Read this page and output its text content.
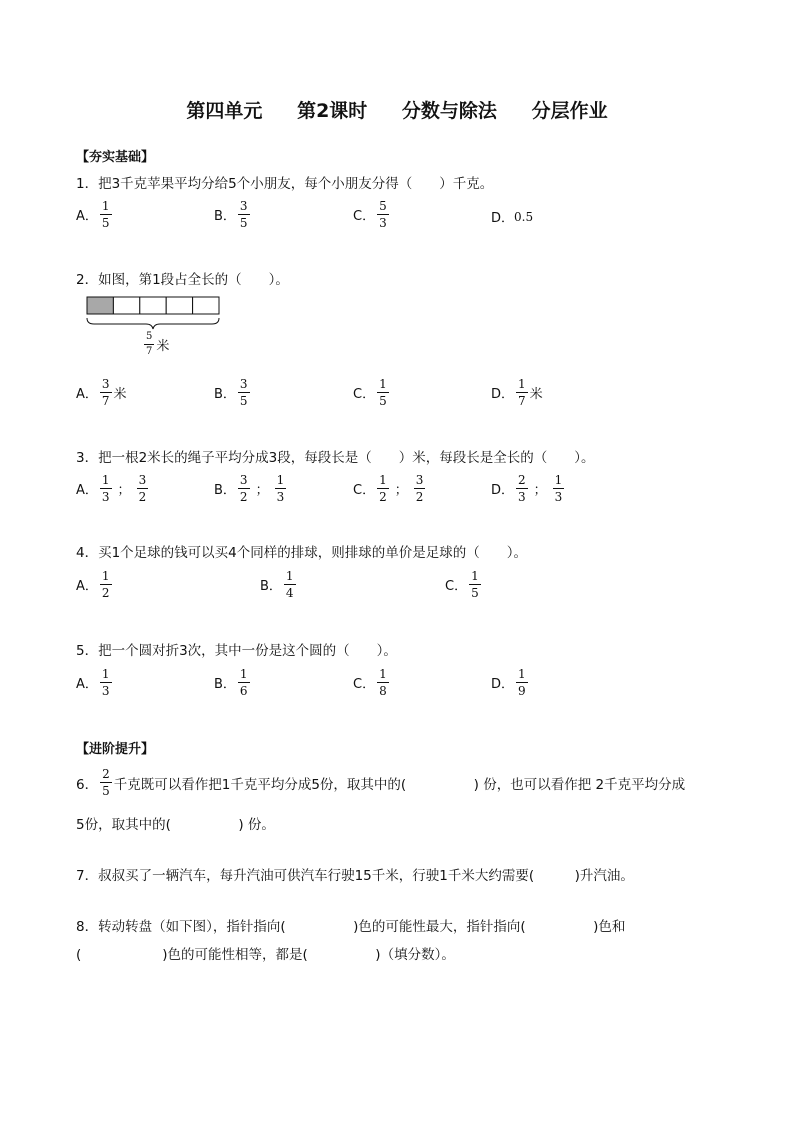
第四单元 第2课时 分数与除法 分层作业
【夯实基础】
1．把3千克苹果平均分给5个小朋友，每个小朋友分得（　　）千克。
A． $\frac{1}{5}$	B． $\frac{3}{5}$	C． $\frac{5}{3}$	D． 0.5
2．如图，第1段占全长的（　　）。
$\frac{5}{7}$ 米
A． $\frac{3}{7}$ 米	B． $\frac{3}{5}$	C． $\frac{1}{5}$	D． $\frac{1}{7}$ 米
3．把一根2米长的绳子平均分成3段，每段长是（　　）米，每段长是全长的（　　）。
A． $\frac{1}{3}$ ； $\frac{3}{2}$	B． $\frac{3}{2}$ ； $\frac{1}{3}$	C． $\frac{1}{2}$ ； $\frac{3}{2}$	D． $\frac{2}{3}$ ； $\frac{1}{3}$
4．买1个足球的钱可以买4个同样的排球，则排球的单价是足球的（　　）。
A． $\frac{1}{2}$	B． $\frac{1}{4}$	C． $\frac{1}{5}$
5．把一个圆对折3次，其中一份是这个圆的（　　）。
A． $\frac{1}{3}$	B． $\frac{1}{6}$	C． $\frac{1}{8}$	D． $\frac{1}{9}$
【进阶提升】
6． $\frac{2}{5}$ 千克既可以看作把1千克平均分成5份，取其中的(　　　　　) 份，也可以看作把 2千克平均分成
5份，取其中的(　　　　　) 份。
7．叔叔买了一辆汽车，每升汽油可供汽车行驶15千米，行驶1千米大约需要(　　　)升汽油。
8．转动转盘（如下图），指针指向(　　　　　)色的可能性最大，指针指向(　　　　　)色和
(　　　　　　)色的可能性相等，都是(　　　　　)（填分数）。
